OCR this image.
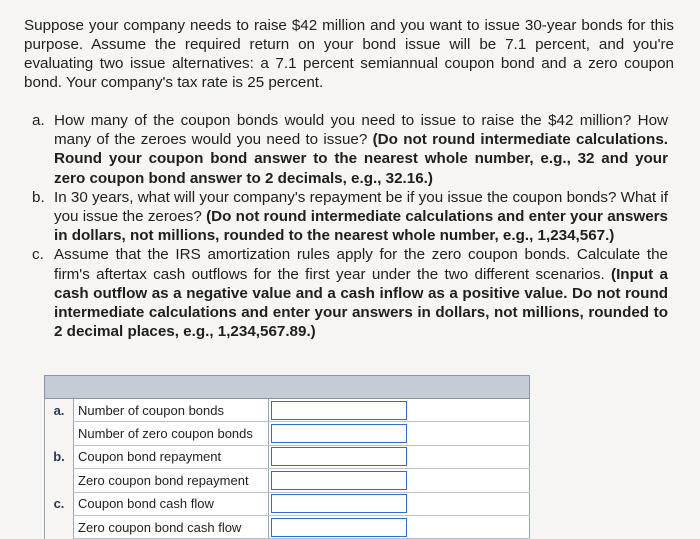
Suppose your company needs to raise $42 million and you want to issue 30-year bonds for this purpose. Assume the required return on your bond issue will be 7.1 percent, and you're evaluating two issue alternatives: a 7.1 percent semiannual coupon bond and a zero coupon bond. Your company's tax rate is 25 percent.
a. How many of the coupon bonds would you need to issue to raise the $42 million? How many of the zeroes would you need to issue? (Do not round intermediate calculations. Round your coupon bond answer to the nearest whole number, e.g., 32 and your zero coupon bond answer to 2 decimals, e.g., 32.16.)
b. In 30 years, what will your company's repayment be if you issue the coupon bonds? What if you issue the zeroes? (Do not round intermediate calculations and enter your answers in dollars, not millions, rounded to the nearest whole number, e.g., 1,234,567.)
c. Assume that the IRS amortization rules apply for the zero coupon bonds. Calculate the firm's aftertax cash outflows for the first year under the two different scenarios. (Input a cash outflow as a negative value and a cash inflow as a positive value. Do not round intermediate calculations and enter your answers in dollars, not millions, rounded to 2 decimal places, e.g., 1,234,567.89.)

a.	Number of coupon bonds	

	Number of zero coupon bonds	

b.	Coupon bond repayment	

	Zero coupon bond repayment	

c.	Coupon bond cash flow	

	Zero coupon bond cash flow	
